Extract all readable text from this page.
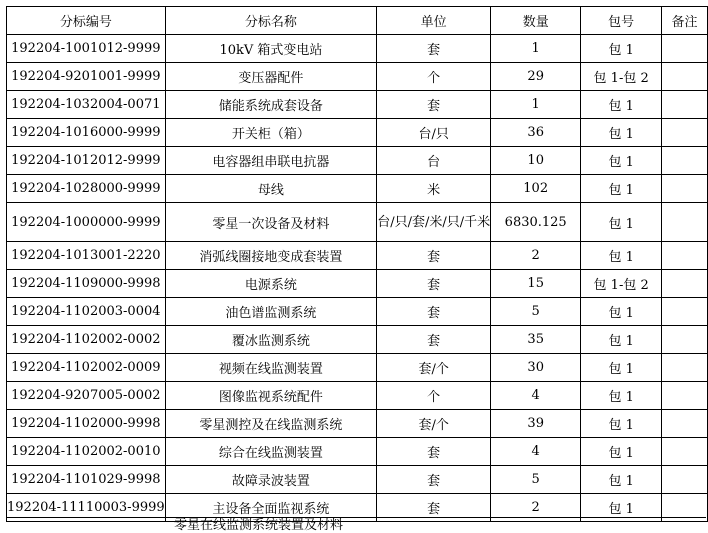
分标编号	分标名称	单位	数量	包号	备注
192204-1001012-9999	10kV 箱式变电站	套	1	包 1	
192204-9201001-9999	变压器配件	个	29	包 1-包 2	
192204-1032004-0071	储能系统成套设备	套	1	包 1	
192204-1016000-9999	开关柜（箱）	台/只	36	包 1	
192204-1012012-9999	电容器组串联电抗器	台	10	包 1	
192204-1028000-9999	母线	米	102	包 1	
192204-1000000-9999	零星一次设备及材料	台/只/套/米/只/千米	6830.125	包 1	
192204-1013001-2220	消弧线圈接地变成套装置	套	2	包 1	
192204-1109000-9998	电源系统	套	15	包 1-包 2	
192204-1102003-0004	油色谱监测系统	套	5	包 1	
192204-1102002-0002	覆冰监测系统	套	35	包 1	
192204-1102002-0009	视频在线监测装置	套/个	30	包 1	
192204-9207005-0002	图像监视系统配件	个	4	包 1	
192204-1102000-9998	零星测控及在线监测系统	套/个	39	包 1	
192204-1102002-0010	综合在线监测装置	套	4	包 1	
192204-1101029-9998	故障录波装置	套	5	包 1	
192204-11110003-9999	主设备全面监视系统	套	2	包 1	
零星在线监测系统装置及材料
